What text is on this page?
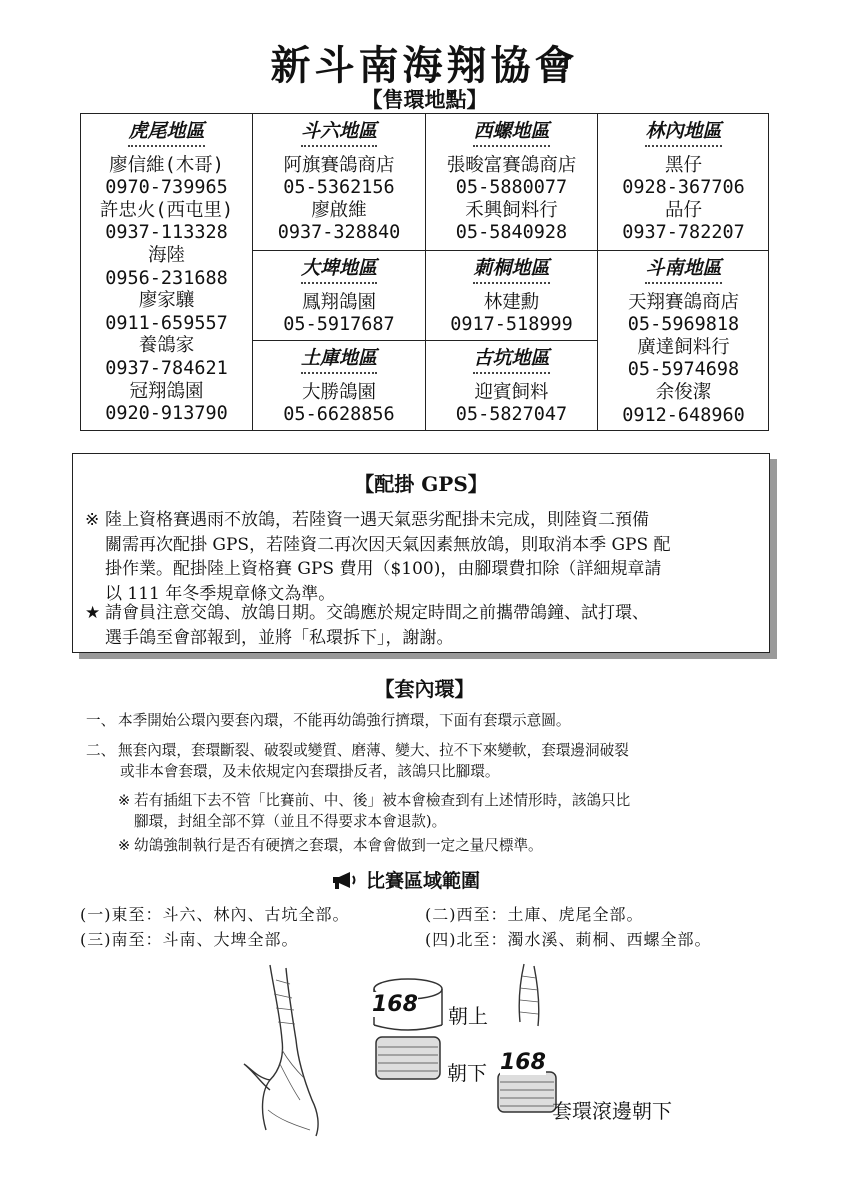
新斗南海翔協會
【售環地點】
虎尾地區
廖信維(木哥)
0970-739965
許忠火(西屯里)
0937-113328
海陸
0956-231688
廖家驤
0911-659557
養鴿家
0937-784621
冠翔鴿園
0920-913790
斗六地區
阿旗賽鴿商店
05-5362156
廖啟維
0937-328840
西螺地區
張畯富賽鴿商店
05-5880077
禾興飼料行
05-5840928
林內地區
黑仔
0928-367706
品仔
0937-782207
大埤地區
鳳翔鴿園
05-5917687
莿桐地區
林建勳
0917-518999
斗南地區
天翔賽鴿商店
05-5969818
廣達飼料行
05-5974698
余俊潔
0912-648960
土庫地區
大勝鴿園
05-6628856
古坑地區
迎賓飼料
05-5827047
【配掛 GPS】
※ 陸上資格賽遇雨不放鴿，若陸資一遇天氣惡劣配掛未完成，則陸資二預備
關需再次配掛 GPS，若陸資二再次因天氣因素無放鴿，則取消本季 GPS 配
掛作業。配掛陸上資格賽 GPS 費用（$100)，由腳環費扣除（詳細規章請
以 111 年冬季規章條文為準。
★ 請會員注意交鴿、放鴿日期。交鴿應於規定時間之前攜帶鴿鐘、試打環、
選手鴿至會部報到，並將「私環拆下」，謝謝。
【套內環】
一、 本季開始公環內要套內環，不能再幼鴿強行擠環，下面有套環示意圖。
二、 無套內環，套環斷裂、破裂或變質、磨薄、變大、拉不下來變軟，套環邊洞破裂
或非本會套環，及未依規定內套環掛反者，該鴿只比腳環。
※ 若有插組下去不管「比賽前、中、後」被本會檢查到有上述情形時，該鴿只比
腳環，封組全部不算（並且不得要求本會退款)。
※ 幼鴿強制執行是否有硬擠之套環，本會會做到一定之量尺標準。
比賽區域範圍
(一)東至：斗六、林內、古坑全部。	(二)西至：土庫、虎尾全部。
(三)南至：斗南、大埤全部。	(四)北至：濁水溪、莿桐、西螺全部。
168 朝上
朝下 168
套環滾邊朝下
